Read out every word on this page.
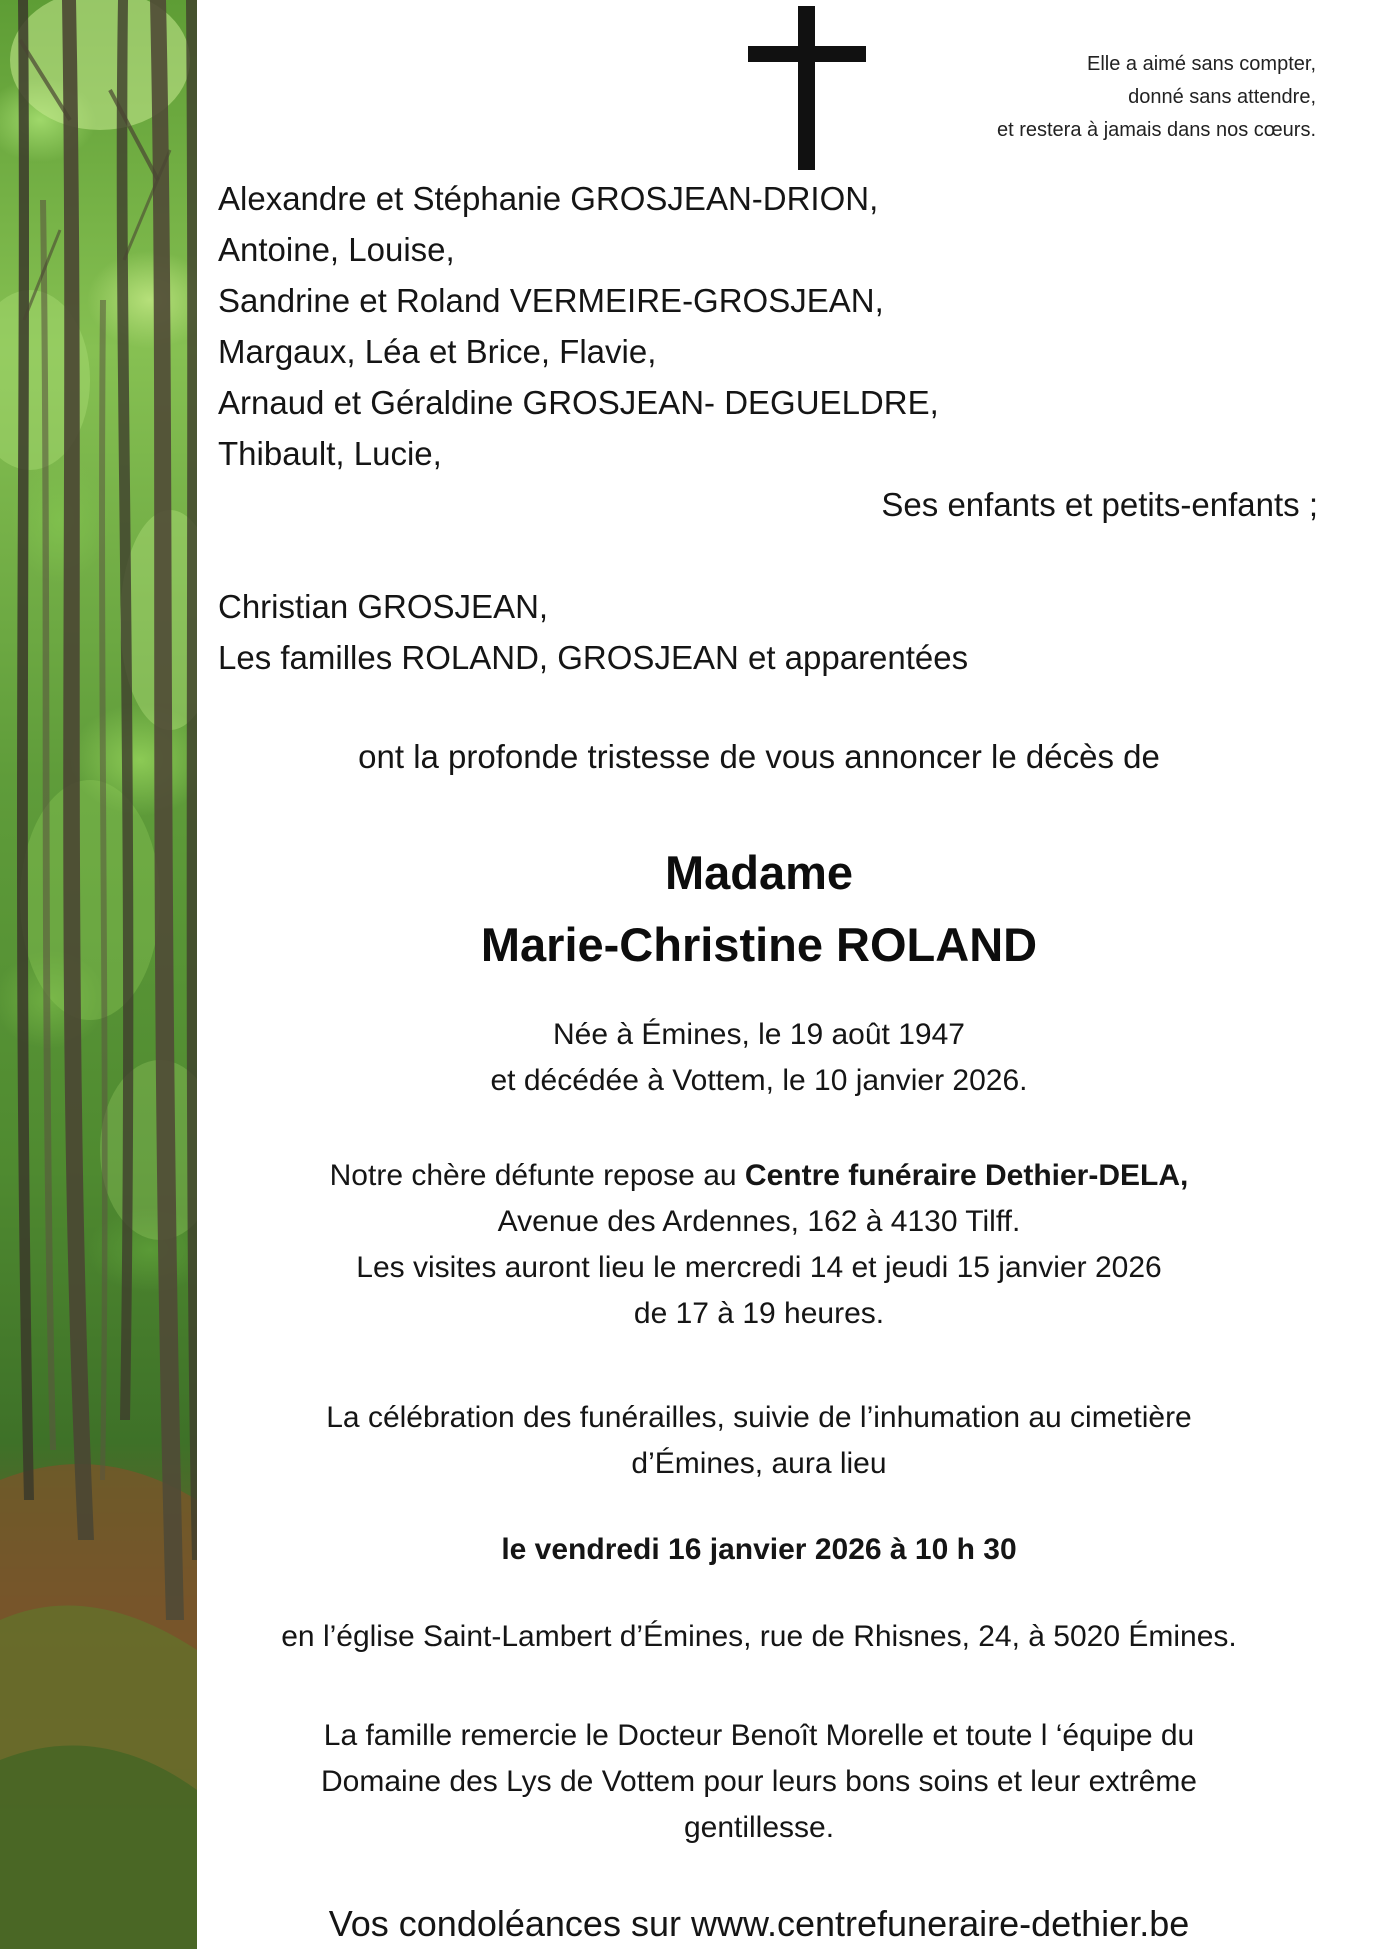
Elle a aimé sans compter,
donné sans attendre,
et restera à jamais dans nos cœurs.
Alexandre et Stéphanie GROSJEAN-DRION,
Antoine, Louise,
Sandrine et Roland VERMEIRE-GROSJEAN,
Margaux, Léa et Brice, Flavie,
Arnaud et Géraldine GROSJEAN- DEGUELDRE,
Thibault, Lucie,
Ses enfants et petits-enfants ;
Christian GROSJEAN,
Les familles ROLAND, GROSJEAN et apparentées
ont la profonde tristesse de vous annoncer le décès de
Madame
Marie-Christine ROLAND
Née à Émines, le 19 août 1947
et décédée à Vottem, le 10 janvier 2026.
Notre chère défunte repose au Centre funéraire Dethier-DELA,
Avenue des Ardennes, 162 à 4130 Tilff.
Les visites auront lieu le mercredi 14 et jeudi 15 janvier 2026
de 17 à 19 heures.
La célébration des funérailles, suivie de l’inhumation au cimetière
d’Émines, aura lieu
le vendredi 16 janvier 2026 à 10 h 30
en l’église Saint-Lambert d’Émines, rue de Rhisnes, 24, à 5020 Émines.
La famille remercie le Docteur Benoît Morelle et toute l ‘équipe du
Domaine des Lys de Vottem pour leurs bons soins et leur extrême
gentillesse.
Vos condoléances sur www.centrefuneraire-dethier.be
